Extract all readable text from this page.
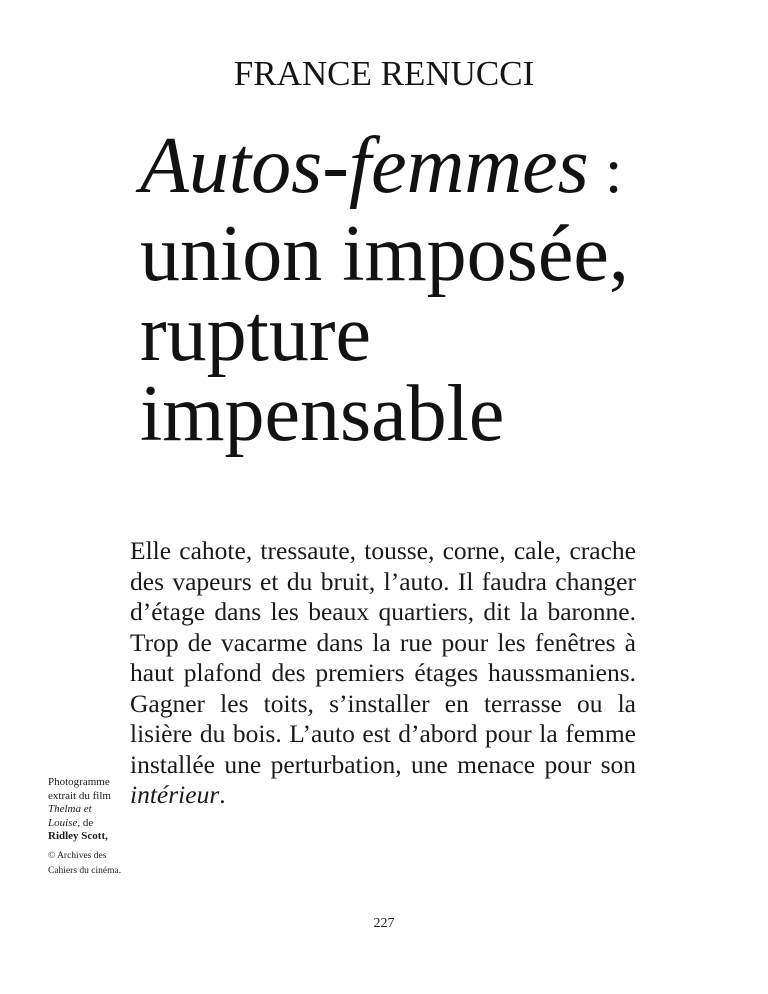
FRANCE RENUCCI
Autos-femmes :
union imposée,
rupture
impensable
Elle cahote, tressaute, tousse, corne, cale, crache des vapeurs et du bruit, l’auto. Il faudra changer d’étage dans les beaux quartiers, dit la baronne. Trop de vacarme dans la rue pour les fenêtres à haut plafond des premiers étages haussmaniens. Gagner les toits, s’installer en terrasse ou la lisière du bois. L’auto est d’abord pour la femme installée une perturbation, une menace pour son intérieur.
Photogramme
extrait du film
Thelma et
Louise, de
Ridley Scott,
© Archives des
Cahiers du cinéma.
227
